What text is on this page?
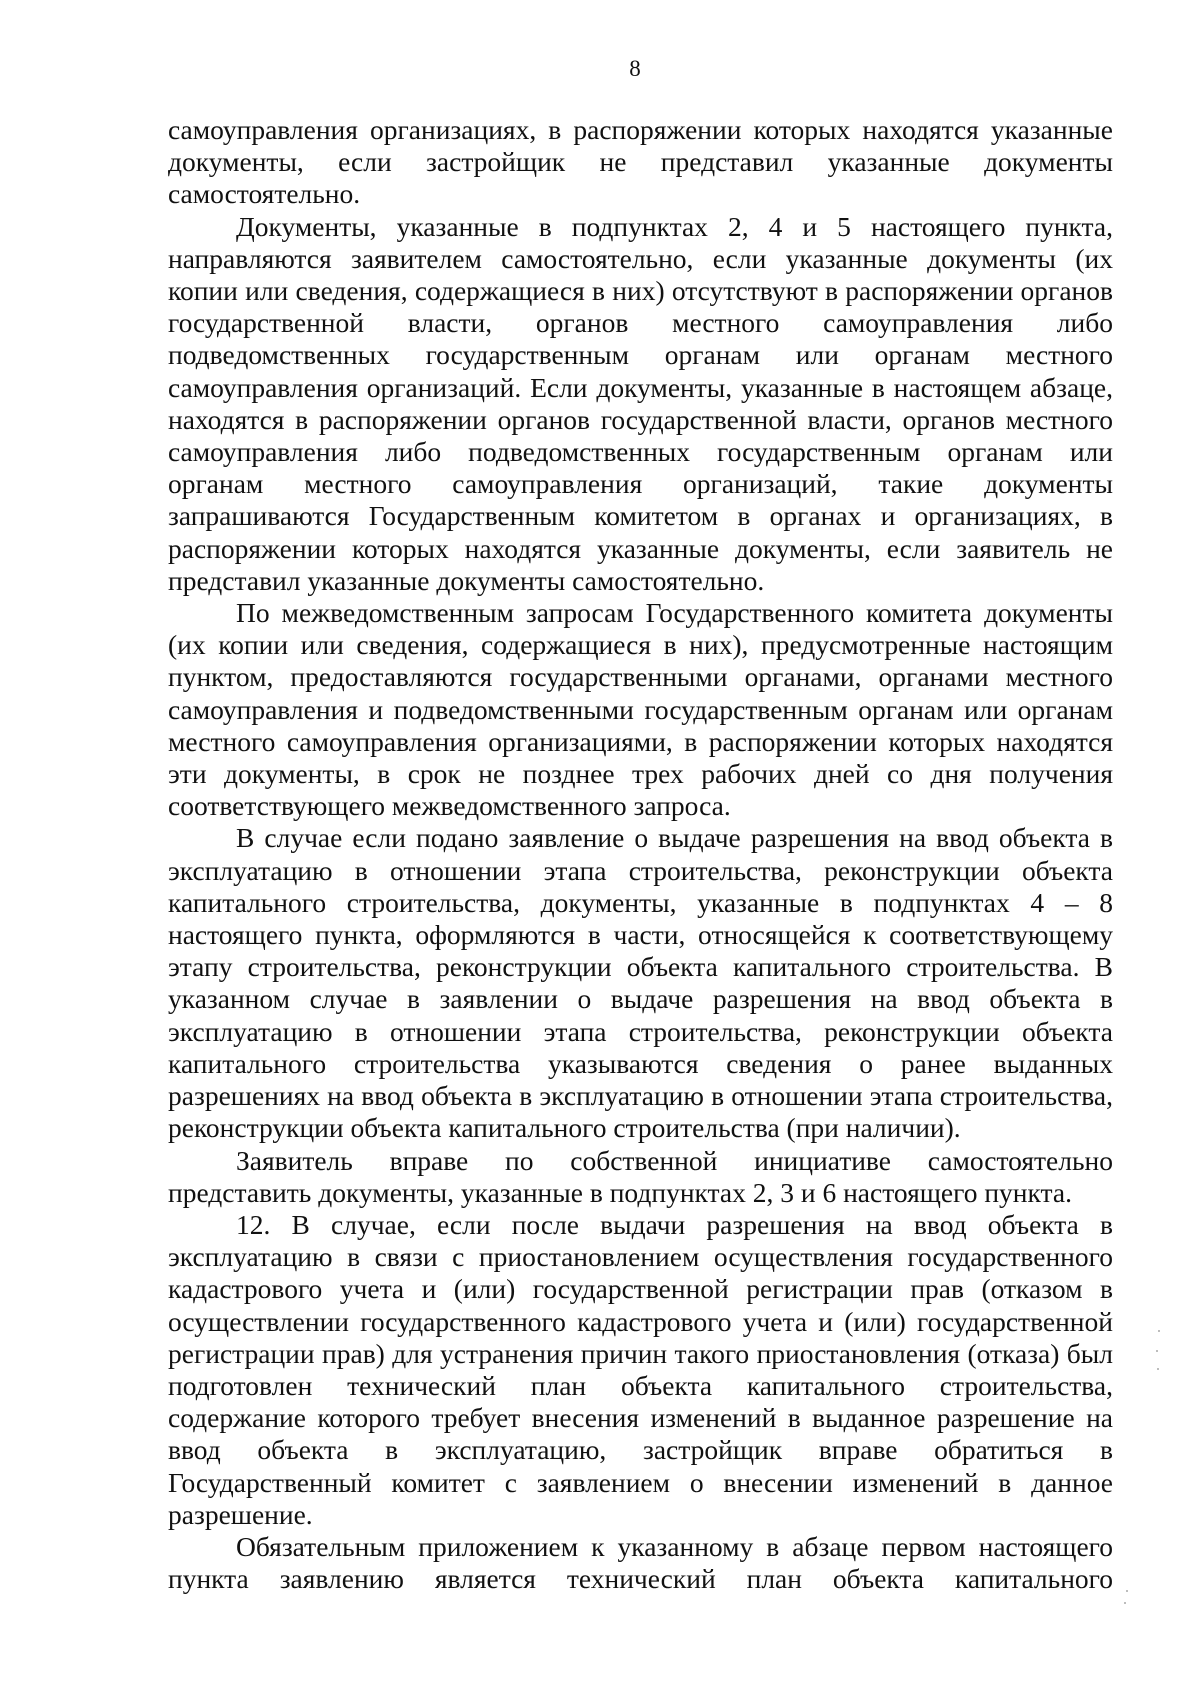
8

самоуправления организациях, в распоряжении которых находятся указанные документы, если застройщик не представил указанные документы самостоятельно.

Документы, указанные в подпунктах 2, 4 и 5 настоящего пункта, направляются заявителем самостоятельно, если указанные документы (их копии или сведения, содержащиеся в них) отсутствуют в распоряжении органов государственной власти, органов местного самоуправления либо подведомственных государственным органам или органам местного самоуправления организаций. Если документы, указанные в настоящем абзаце, находятся в распоряжении органов государственной власти, органов местного самоуправления либо подведомственных государственным органам или органам местного самоуправления организаций, такие документы запрашиваются Государственным комитетом в органах и организациях, в распоряжении которых находятся указанные документы, если заявитель не представил указанные документы самостоятельно.

По межведомственным запросам Государственного комитета документы (их копии или сведения, содержащиеся в них), предусмотренные настоящим пунктом, предоставляются государственными органами, органами местного самоуправления и подведомственными государственным органам или органам местного самоуправления организациями, в распоряжении которых находятся эти документы, в срок не позднее трех рабочих дней со дня получения соответствующего межведомственного запроса.

В случае если подано заявление о выдаче разрешения на ввод объекта в эксплуатацию в отношении этапа строительства, реконструкции объекта капитального строительства, документы, указанные в подпунктах 4 – 8 настоящего пункта, оформляются в части, относящейся к соответствующему этапу строительства, реконструкции объекта капитального строительства. В указанном случае в заявлении о выдаче разрешения на ввод объекта в эксплуатацию в отношении этапа строительства, реконструкции объекта капитального строительства указываются сведения о ранее выданных разрешениях на ввод объекта в эксплуатацию в отношении этапа строительства, реконструкции объекта капитального строительства (при наличии).

Заявитель вправе по собственной инициативе самостоятельно представить документы, указанные в подпунктах 2, 3 и 6 настоящего пункта.

12. В случае, если после выдачи разрешения на ввод объекта в эксплуатацию в связи с приостановлением осуществления государственного кадастрового учета и (или) государственной регистрации прав (отказом в осуществлении государственного кадастрового учета и (или) государственной регистрации прав) для устранения причин такого приостановления (отказа) был подготовлен технический план объекта капитального строительства, содержание которого требует внесения изменений в выданное разрешение на ввод объекта в эксплуатацию, застройщик вправе обратиться в Государственный комитет с заявлением о внесении изменений в данное разрешение.

Обязательным приложением к указанному в абзаце первом настоящего пункта заявлению является технический план объекта капитального
